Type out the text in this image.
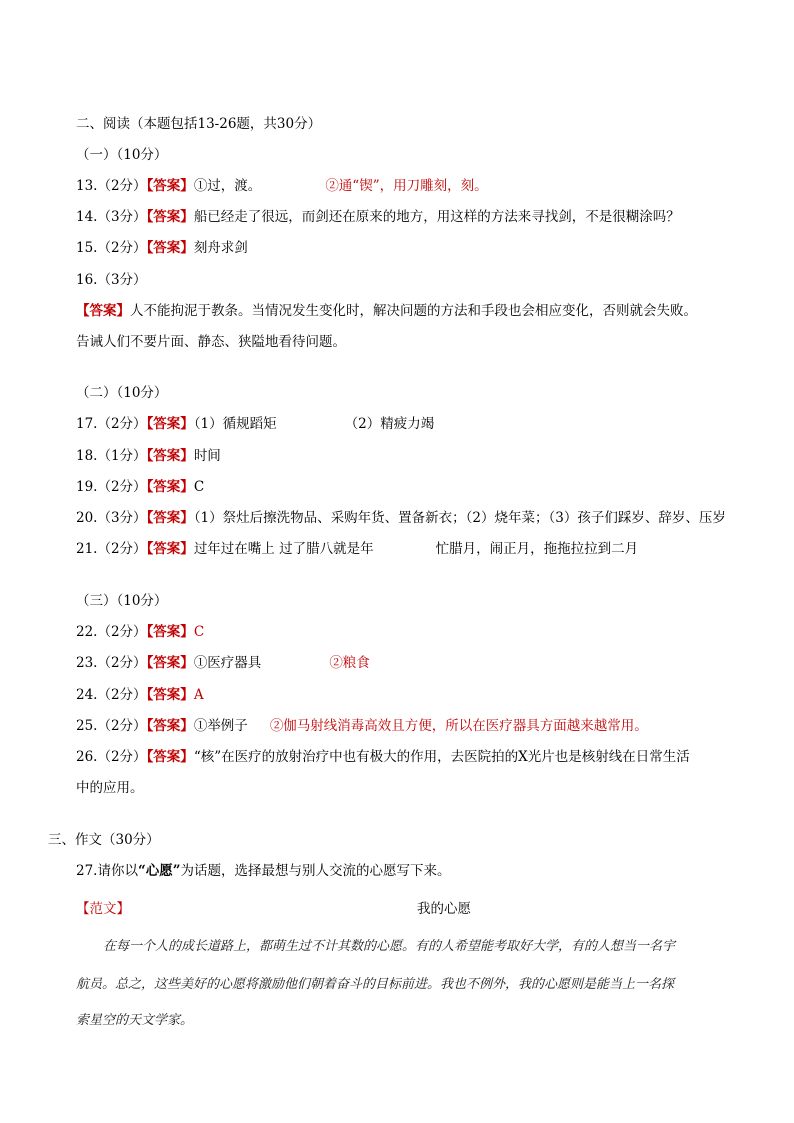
二、阅读（本题包括13-26题，共30分）
（一）（10分）
13.（2分）【答案】①过，渡。	②通“锲”，用刀雕刻，刻。
14.（3分）【答案】船已经走了很远，而剑还在原来的地方，用这样的方法来寻找剑，不是很糊涂吗？
15.（2分）【答案】刻舟求剑
16.（3分）
【答案】人不能拘泥于教条。当情况发生变化时，解决问题的方法和手段也会相应变化，否则就会失败。
告诫人们不要片面、静态、狭隘地看待问题。
（二）（10分）
17.（2分）【答案】（1）循规蹈矩	（2）精疲力竭
18.（1分）【答案】时间
19.（2分）【答案】C
20.（3分）【答案】（1）祭灶后擦洗物品、采购年货、置备新衣；（2）烧年菜；（3）孩子们踩岁、辞岁、压岁
21.（2分）【答案】过年过在嘴上 过了腊八就是年	忙腊月，闹正月，拖拖拉拉到二月
（三）（10分）
22.（2分）【答案】C
23.（2分）【答案】①医疗器具	②粮食
24.（2分）【答案】A
25.（2分）【答案】①举例子 ②伽马射线消毒高效且方便，所以在医疗器具方面越来越常用。
26.（2分）【答案】“核”在医疗的放射治疗中也有极大的作用，去医院拍的X光片也是核射线在日常生活
中的应用。
三、作文（30分）
27.请你以“心愿”为话题，选择最想与别人交流的心愿写下来。
【范文】	我的心愿
在每一个人的成长道路上，都萌生过不计其数的心愿。有的人希望能考取好大学，有的人想当一名宇
航员。总之，这些美好的心愿将激励他们朝着奋斗的目标前进。我也不例外，我的心愿则是能当上一名探
索星空的天文学家。
